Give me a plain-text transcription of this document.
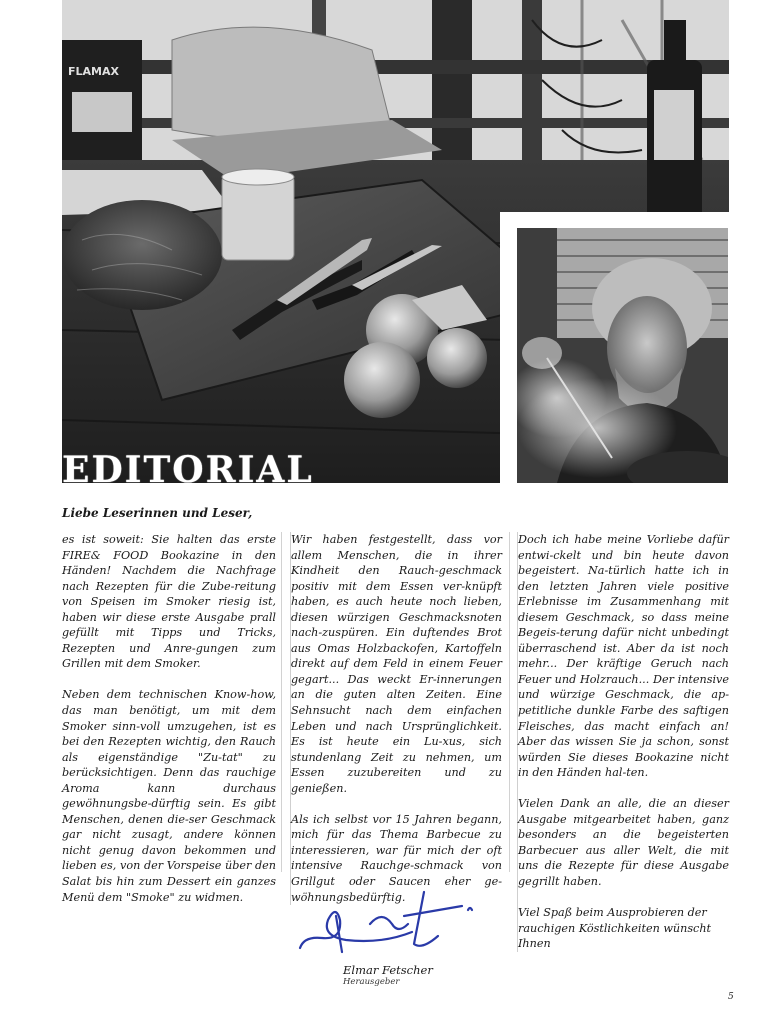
FLAMAX
EDITORIAL
Liebe Leserinnen und Leser,

es ist soweit: Sie halten das erste FIRE& FOOD Bookazine in den Händen! Nachdem die Nachfrage nach Rezepten für die Zube-reitung von Speisen im Smoker riesig ist, haben wir diese erste Ausgabe prall gefüllt mit Tipps und Tricks, Rezepten und Anre-gungen zum Grillen mit dem Smoker.

Neben dem technischen Know-how, das man benötigt, um mit dem Smoker sinn-voll umzugehen, ist es bei den Rezepten wichtig, den Rauch als eigenständige "Zu-tat" zu berücksichtigen. Denn das rauchige Aroma kann durchaus gewöhnungsbe-dürftig sein. Es gibt Menschen, denen die-ser Geschmack gar nicht zusagt, andere können nicht genug davon bekommen und lieben es, von der Vorspeise über den Salat bis hin zum Dessert ein ganzes Menü dem "Smoke" zu widmen.

Wir haben festgestellt, dass vor allem Menschen, die in ihrer Kindheit den Rauch-geschmack positiv mit dem Essen ver-knüpft haben, es auch heute noch lieben, diesen würzigen Geschmacksnoten nach-zuspüren. Ein duftendes Brot aus Omas Holzbackofen, Kartoffeln direkt auf dem Feld in einem Feuer gegart... Das weckt Er-innerungen an die guten alten Zeiten. Eine Sehnsucht nach dem einfachen Leben und nach Ursprünglichkeit. Es ist heute ein Lu-xus, sich stundenlang Zeit zu nehmen, um Essen zuzubereiten und zu genießen.

Als ich selbst vor 15 Jahren begann, mich für das Thema Barbecue zu interessieren, war für mich der oft intensive Rauchge-schmack von Grillgut oder Saucen eher ge-wöhnungsbedürftig.

Doch ich habe meine Vorliebe dafür entwi-ckelt und bin heute davon begeistert. Na-türlich hatte ich in den letzten Jahren viele positive Erlebnisse im Zusammenhang mit diesem Geschmack, so dass meine Begeis-terung dafür nicht unbedingt überraschend ist. Aber da ist noch mehr... Der kräftige Geruch nach Feuer und Holzrauch... Der intensive und würzige Geschmack, die ap-petitliche dunkle Farbe des saftigen Fleisches, das macht einfach an! Aber das wissen Sie ja schon, sonst würden Sie dieses Bookazine nicht in den Händen hal-ten.

Vielen Dank an alle, die an dieser Ausgabe mitgearbeitet haben, ganz besonders an die begeisterten Barbecuer aus aller Welt, die mit uns die Rezepte für diese Ausgabe gegrillt haben.

Viel Spaß beim Ausprobieren der rauchigen Köstlichkeiten wünscht Ihnen

Elmar Fetscher
Herausgeber
5
